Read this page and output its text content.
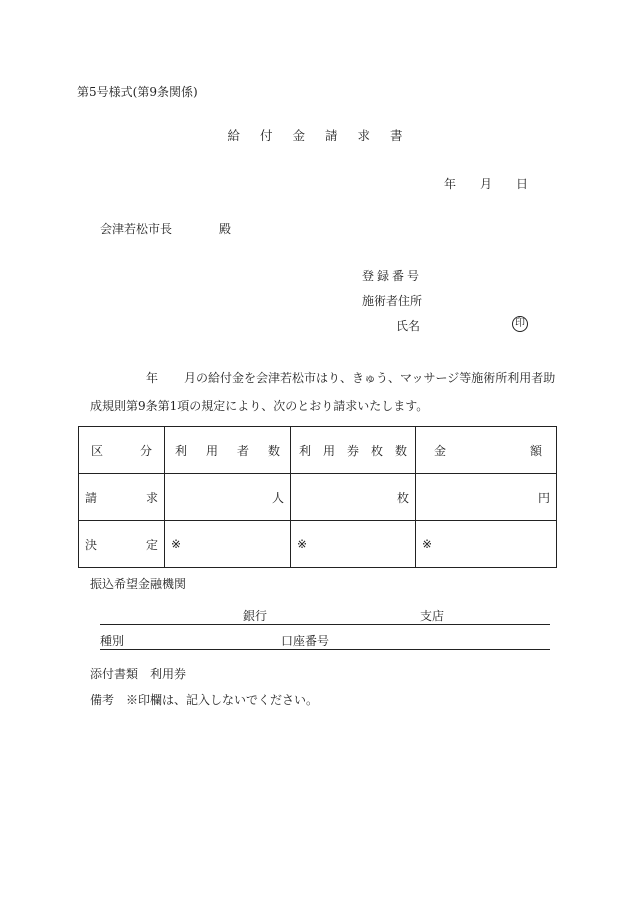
第5号様式(第9条関係)
給 付 金 請 求 書
年 月 日
会津若松市長	殿
登録番号
施術者住所
氏名	印
年 月の給付金を会津若松市はり、きゅう、マッサージ等施術所利用者助
成規則第9条第1項の規定により、次のとおり請求いたします。
区 分	利 用 者 数	利 用 券 枚 数	金 額

請 求	人	枚	円

決 定	※	※	※
振込希望金融機関
銀行	支店
種別	口座番号
添付書類 利用券
備考 ※印欄は、記入しないでください。
